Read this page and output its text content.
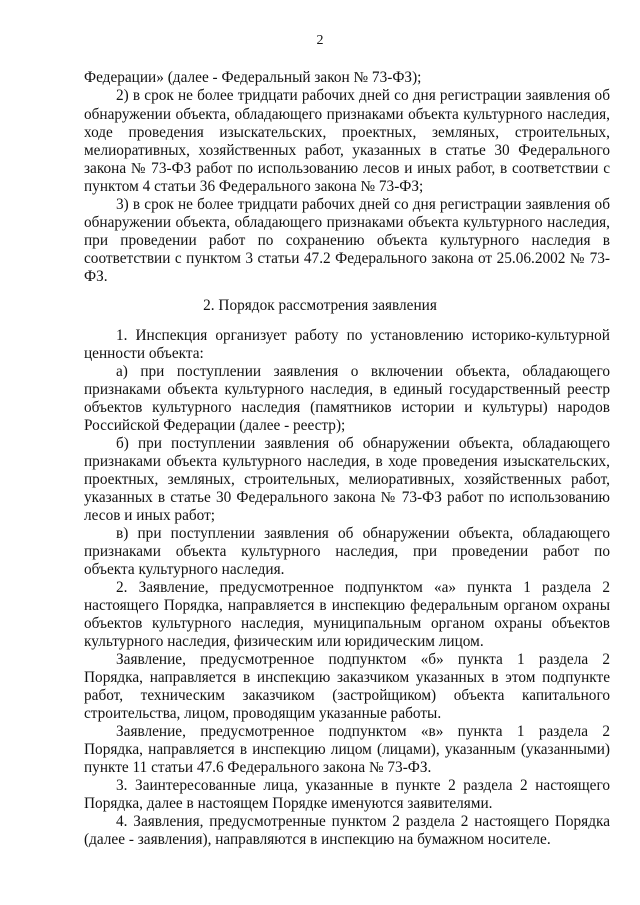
2
Федерации» (далее - Федеральный закон № 73-ФЗ);
2) в срок не более тридцати рабочих дней со дня регистрации заявления об
обнаружении объекта, обладающего признаками объекта культурного наследия,
ходе проведения изыскательских, проектных, земляных, строительных,
мелиоративных, хозяйственных работ, указанных в статье 30 Федерального
закона № 73-ФЗ работ по использованию лесов и иных работ, в соответствии с
пунктом 4 статьи 36 Федерального закона № 73-ФЗ;
3) в срок не более тридцати рабочих дней со дня регистрации заявления об
обнаружении объекта, обладающего признаками объекта культурного наследия,
при проведении работ по сохранению объекта культурного наследия в
соответствии с пунктом 3 статьи 47.2 Федерального закона от 25.06.2002 № 73-
ФЗ.
2. Порядок рассмотрения заявления
1. Инспекция организует работу по установлению историко-культурной
ценности объекта:
а) при поступлении заявления о включении объекта, обладающего
признаками объекта культурного наследия, в единый государственный реестр
объектов культурного наследия (памятников истории и культуры) народов
Российской Федерации (далее - реестр);
б) при поступлении заявления об обнаружении объекта, обладающего
признаками объекта культурного наследия, в ходе проведения изыскательских,
проектных, земляных, строительных, мелиоративных, хозяйственных работ,
указанных в статье 30 Федерального закона № 73-ФЗ работ по использованию
лесов и иных работ;
в) при поступлении заявления об обнаружении объекта, обладающего
признаками объекта культурного наследия, при проведении работ по
объекта культурного наследия.
2. Заявление, предусмотренное подпунктом «а» пункта 1 раздела 2
настоящего Порядка, направляется в инспекцию федеральным органом охраны
объектов культурного наследия, муниципальным органом охраны объектов
культурного наследия, физическим или юридическим лицом.
Заявление, предусмотренное подпунктом «б» пункта 1 раздела 2
Порядка, направляется в инспекцию заказчиком указанных в этом подпункте
работ, техническим заказчиком (застройщиком) объекта капитального
строительства, лицом, проводящим указанные работы.
Заявление, предусмотренное подпунктом «в» пункта 1 раздела 2
Порядка, направляется в инспекцию лицом (лицами), указанным (указанными)
пункте 11 статьи 47.6 Федерального закона № 73-ФЗ.
3. Заинтересованные лица, указанные в пункте 2 раздела 2 настоящего
Порядка, далее в настоящем Порядке именуются заявителями.
4. Заявления, предусмотренные пунктом 2 раздела 2 настоящего Порядка
(далее - заявления), направляются в инспекцию на бумажном носителе.
